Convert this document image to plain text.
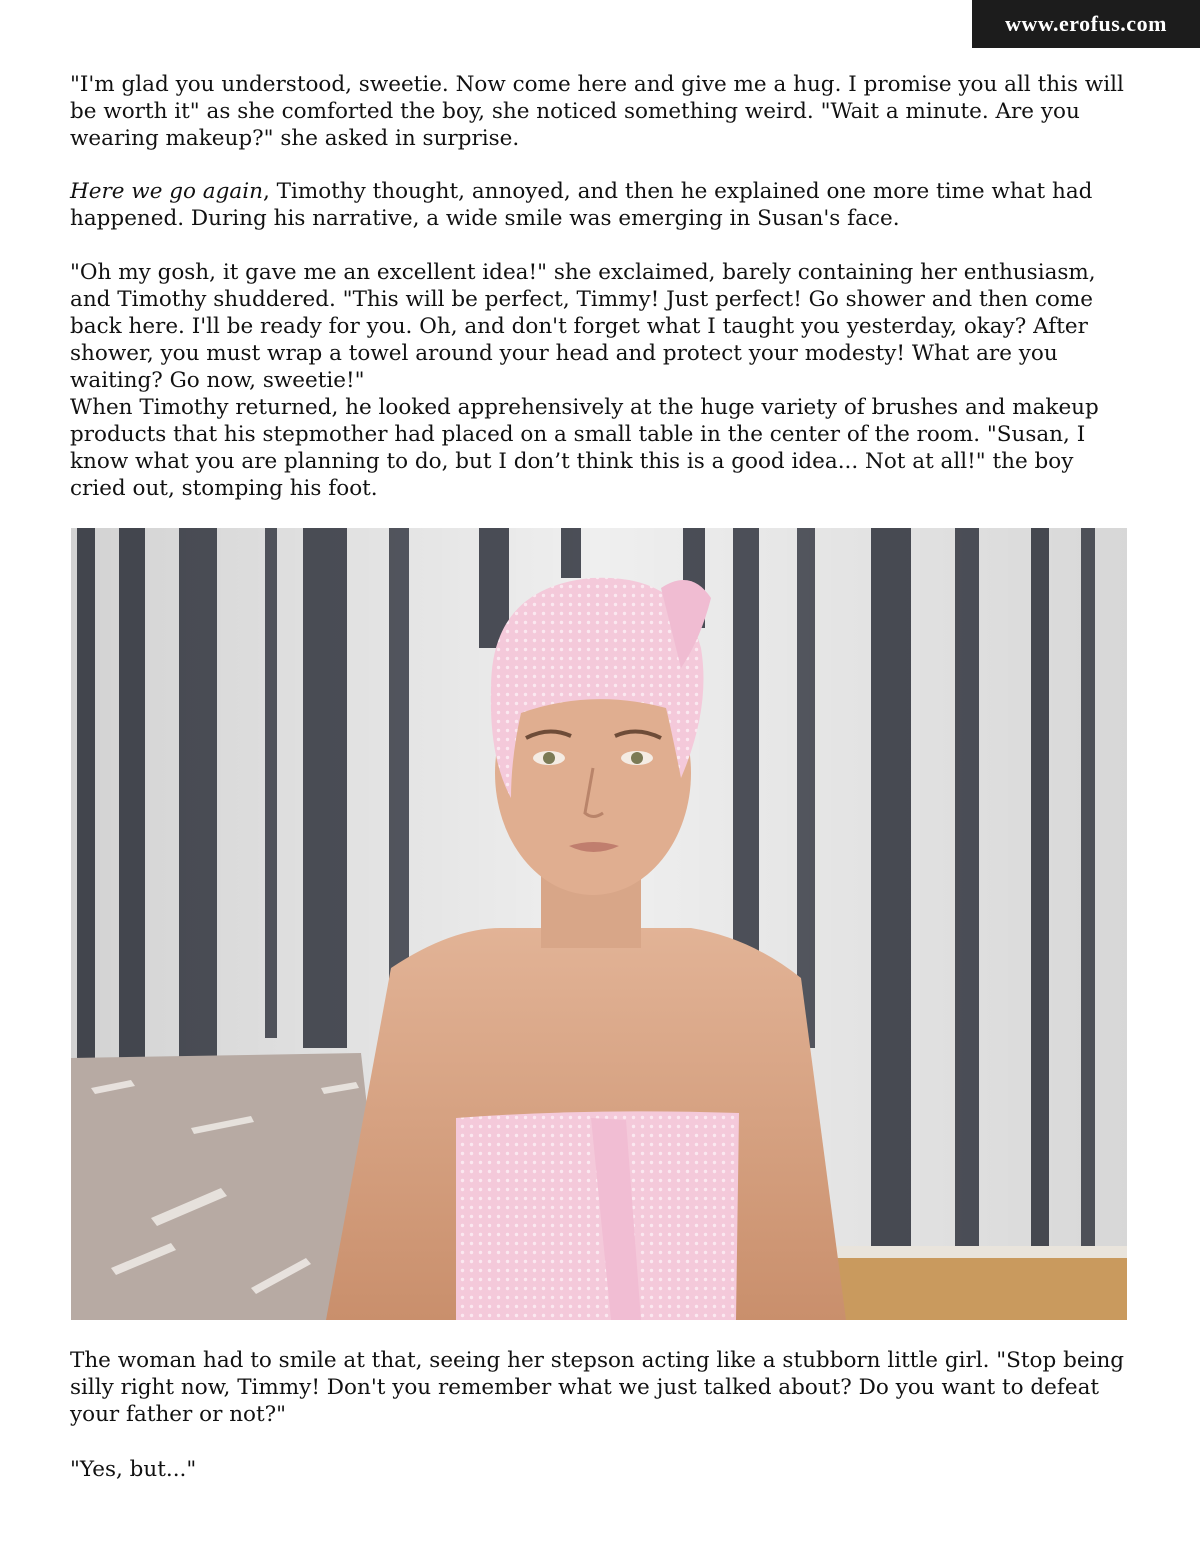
www.erofus.com

"I'm glad you understood, sweetie. Now come here and give me a hug. I promise you all this will be worth it" as she comforted the boy, she noticed something weird. "Wait a minute. Are you wearing makeup?" she asked in surprise.

Here we go again, Timothy thought, annoyed, and then he explained one more time what had happened. During his narrative, a wide smile was emerging in Susan's face.

"Oh my gosh, it gave me an excellent idea!" she exclaimed, barely containing her enthusiasm, and Timothy shuddered. "This will be perfect, Timmy! Just perfect! Go shower and then come back here. I'll be ready for you. Oh, and don't forget what I taught you yesterday, okay? After shower, you must wrap a towel around your head and protect your modesty! What are you waiting? Go now, sweetie!"

When Timothy returned, he looked apprehensively at the huge variety of brushes and makeup products that his stepmother had placed on a small table in the center of the room. "Susan, I know what you are planning to do, but I don’t think this is a good idea... Not at all!" the boy cried out, stomping his foot.

The woman had to smile at that, seeing her stepson acting like a stubborn little girl. "Stop being silly right now, Timmy! Don't you remember what we just talked about? Do you want to defeat your father or not?"

"Yes, but..."
